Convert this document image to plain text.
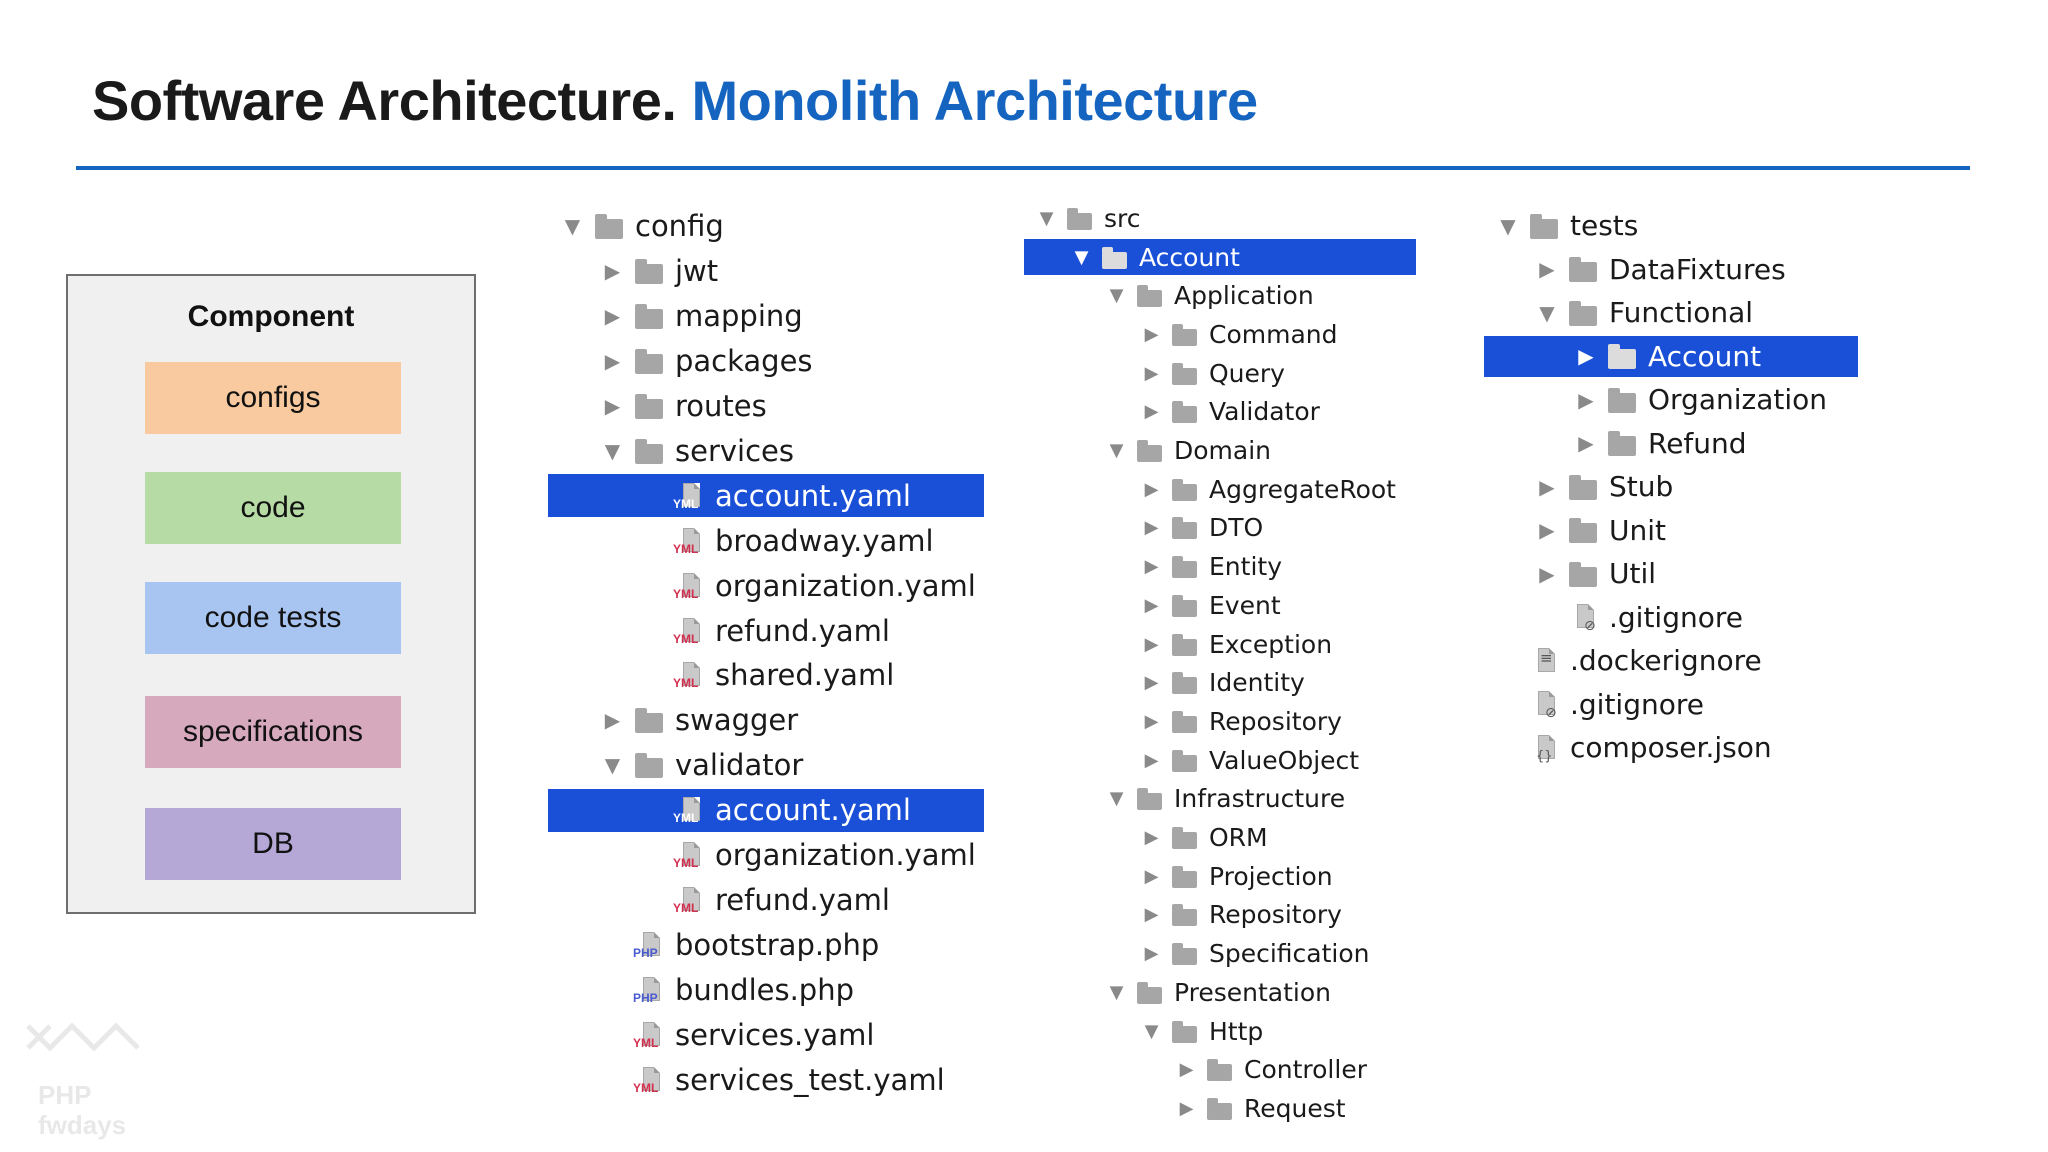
Software Architecture. Monolith Architecture
Component
configs
code
code tests
specifications
DB
▼ config
▶ jwt
▶ mapping
▶ packages
▶ routes
▼ services
YML account.yaml
YML broadway.yaml
YML organization.yaml
YML refund.yaml
YML shared.yaml
▶ swagger
▼ validator
YML account.yaml
YML organization.yaml
YML refund.yaml
PHP bootstrap.php
PHP bundles.php
YML services.yaml
YML services_test.yaml
▼ src
▼ Account
▼ Application
▶ Command
▶ Query
▶ Validator
▼ Domain
▶ AggregateRoot
▶ DTO
▶ Entity
▶ Event
▶ Exception
▶ Identity
▶ Repository
▶ ValueObject
▼ Infrastructure
▶ ORM
▶ Projection
▶ Repository
▶ Specification
▼ Presentation
▼ Http
▶ Controller
▶ Request
▼ tests
▶ DataFixtures
▼ Functional
▶ Account
▶ Organization
▶ Refund
▶ Stub
▶ Unit
▶ Util
⊘ .gitignore
≡ .dockerignore
⊘ .gitignore
{} composer.json
PHP
fwdays
